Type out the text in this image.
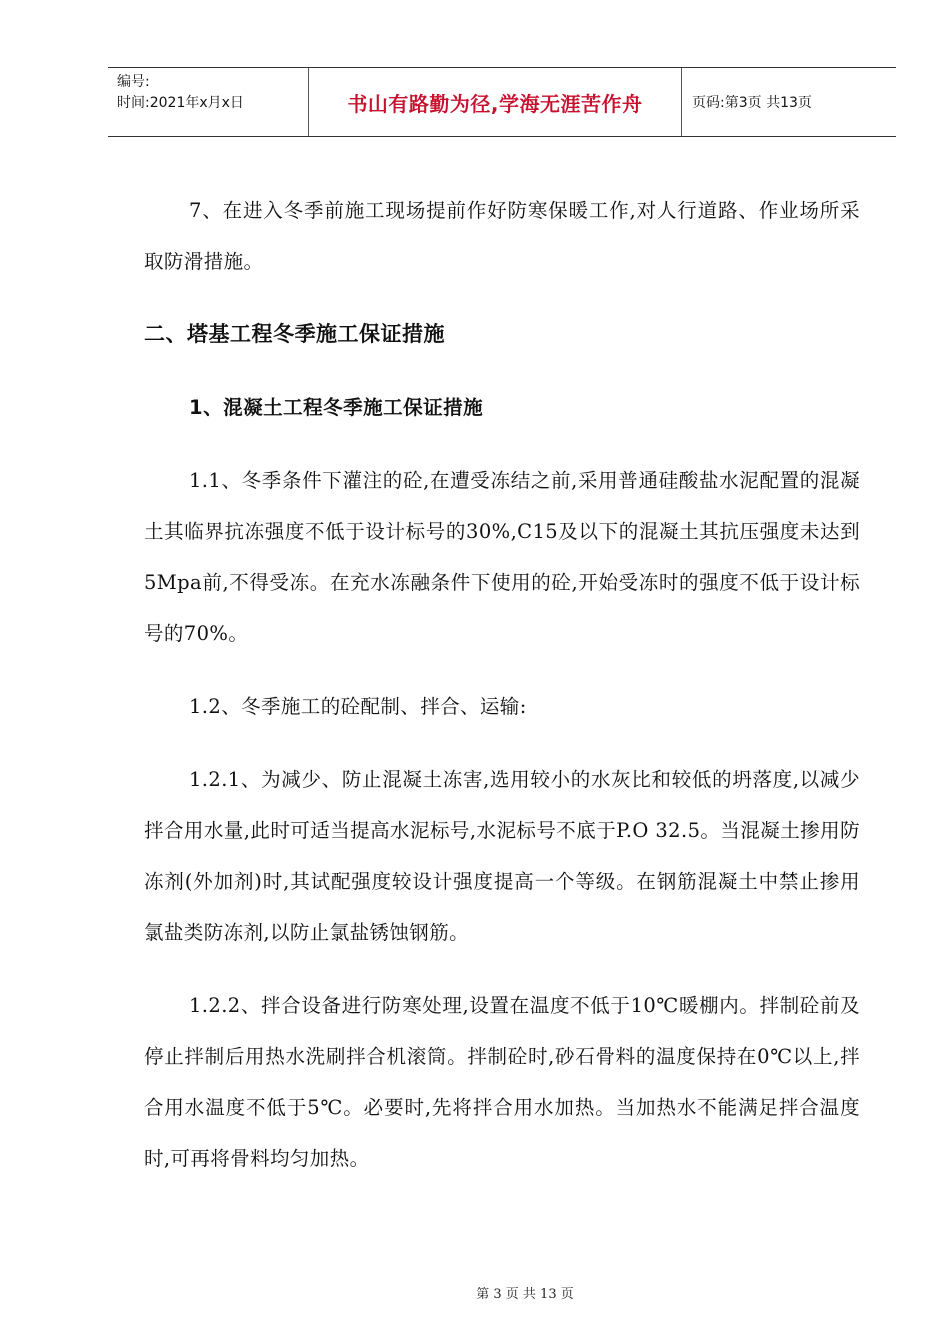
编号:
时间:2021年x月x日	书山有路勤为径,学海无涯苦作舟	页码:第3页 共13页

7、在进入冬季前施工现场提前作好防寒保暖工作,对人行道路、作业场所采取防滑措施。

二、塔基工程冬季施工保证措施

1、混凝土工程冬季施工保证措施

1.1、冬季条件下灌注的砼,在遭受冻结之前,采用普通硅酸盐水泥配置的混凝土其临界抗冻强度不低于设计标号的30%,C15及以下的混凝土其抗压强度未达到5Mpa前,不得受冻。在充水冻融条件下使用的砼,开始受冻时的强度不低于设计标号的70%。

1.2、冬季施工的砼配制、拌合、运输:

1.2.1、为减少、防止混凝土冻害,选用较小的水灰比和较低的坍落度,以减少拌合用水量,此时可适当提高水泥标号,水泥标号不底于P.O 32.5。当混凝土掺用防冻剂(外加剂)时,其试配强度较设计强度提高一个等级。在钢筋混凝土中禁止掺用氯盐类防冻剂,以防止氯盐锈蚀钢筋。

1.2.2、拌合设备进行防寒处理,设置在温度不低于10℃暖棚内。拌制砼前及停止拌制后用热水洗刷拌合机滚筒。拌制砼时,砂石骨料的温度保持在0℃以上,拌合用水温度不低于5℃。必要时,先将拌合用水加热。当加热水不能满足拌合温度时,可再将骨料均匀加热。

第 3 页 共 13 页
